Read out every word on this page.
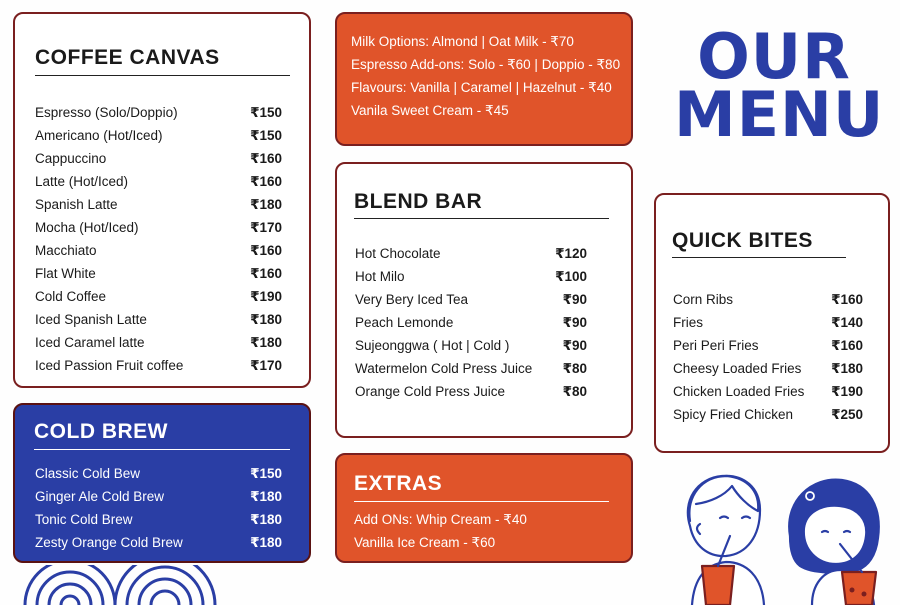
COFFEE CANVAS
Espresso (Solo/Doppio)	₹150
Americano (Hot/Iced)	₹150
Cappuccino	₹160
Latte (Hot/Iced)	₹160
Spanish Latte	₹180
Mocha (Hot/Iced)	₹170
Macchiato	₹160
Flat White	₹160
Cold Coffee	₹190
Iced Spanish Latte	₹180
Iced Caramel latte	₹180
Iced Passion Fruit coffee	₹170
Milk Options: Almond | Oat Milk - ₹70
Espresso Add-ons: Solo - ₹60 | Doppio - ₹80
Flavours: Vanilla | Caramel | Hazelnut - ₹40
Vanila Sweet Cream - ₹45
OUR
MENU
BLEND BAR
Hot Chocolate	₹120
Hot Milo	₹100
Very Bery Iced Tea	₹90
Peach Lemonde	₹90
Sujeonggwa ( Hot | Cold )	₹90
Watermelon Cold Press Juice ₹80
Orange Cold Press Juice	₹80
QUICK BITES
Corn Ribs	₹160
Fries	₹140
Peri Peri Fries	₹160
Cheesy Loaded Fries ₹180
Chicken Loaded Fries ₹190
Spicy Fried Chicken	₹250
COLD BREW
Classic Cold Bew	₹150
Ginger Ale Cold Brew	₹180
Tonic Cold Brew	₹180
Zesty Orange Cold Brew	₹180
EXTRAS
Add ONs: Whip Cream - ₹40
Vanilla Ice Cream - ₹60
